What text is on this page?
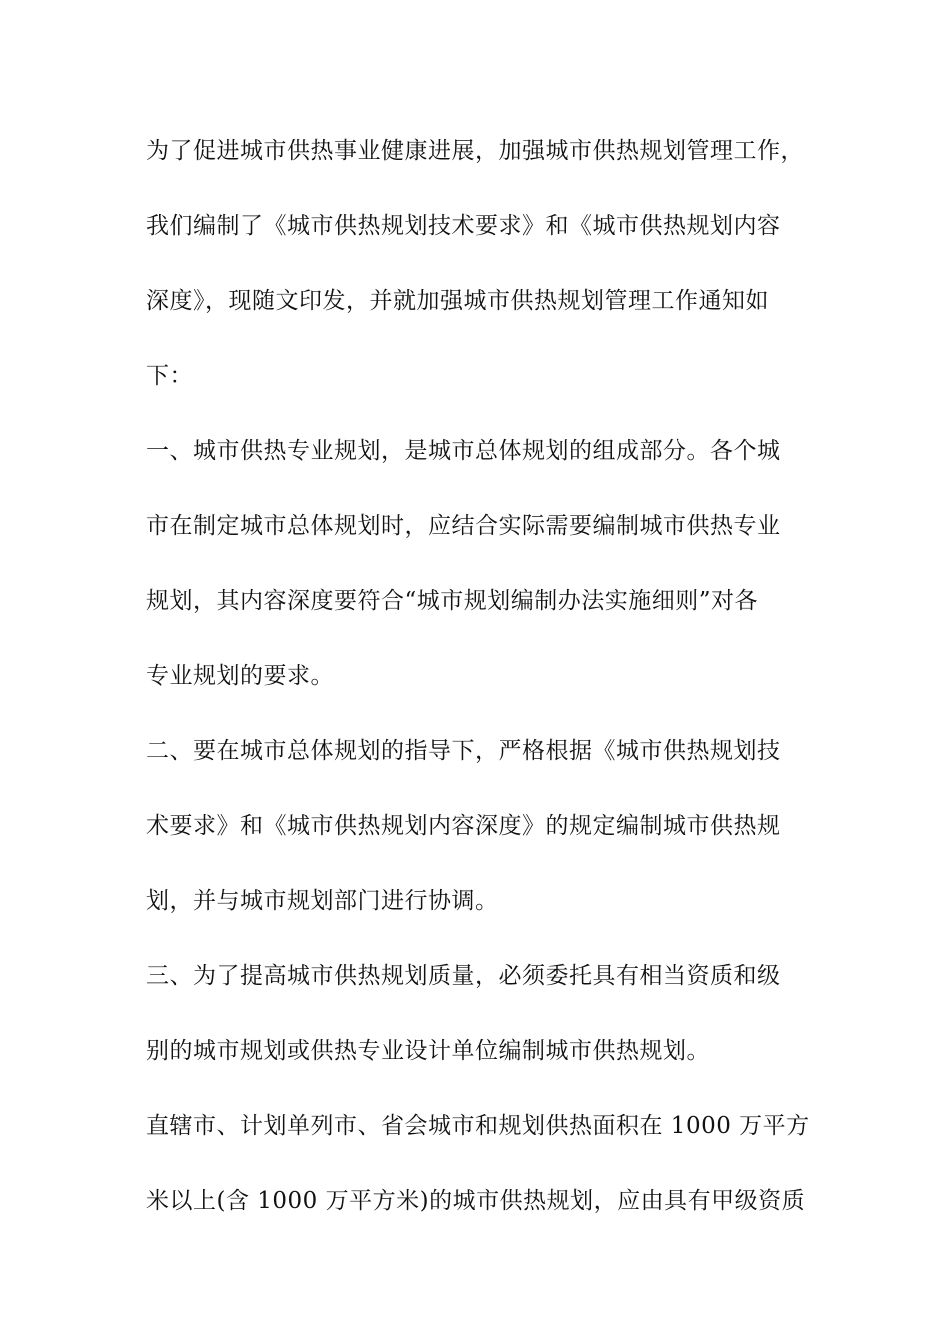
为了促进城市供热事业健康进展，加强城市供热规划管理工作，
我们编制了《城市供热规划技术要求》和《城市供热规划内容
深度》，现随文印发，并就加强城市供热规划管理工作通知如
下：
一、城市供热专业规划，是城市总体规划的组成部分。各个城
市在制定城市总体规划时，应结合实际需要编制城市供热专业
规划，其内容深度要符合“城市规划编制办法实施细则”对各
专业规划的要求。
二、要在城市总体规划的指导下，严格根据《城市供热规划技
术要求》和《城市供热规划内容深度》的规定编制城市供热规
划，并与城市规划部门进行协调。
三、为了提高城市供热规划质量，必须委托具有相当资质和级
别的城市规划或供热专业设计单位编制城市供热规划。
直辖市、计划单列市、省会城市和规划供热面积在 1000 万平方
米以上(含 1000 万平方米)的城市供热规划，应由具有甲级资质
